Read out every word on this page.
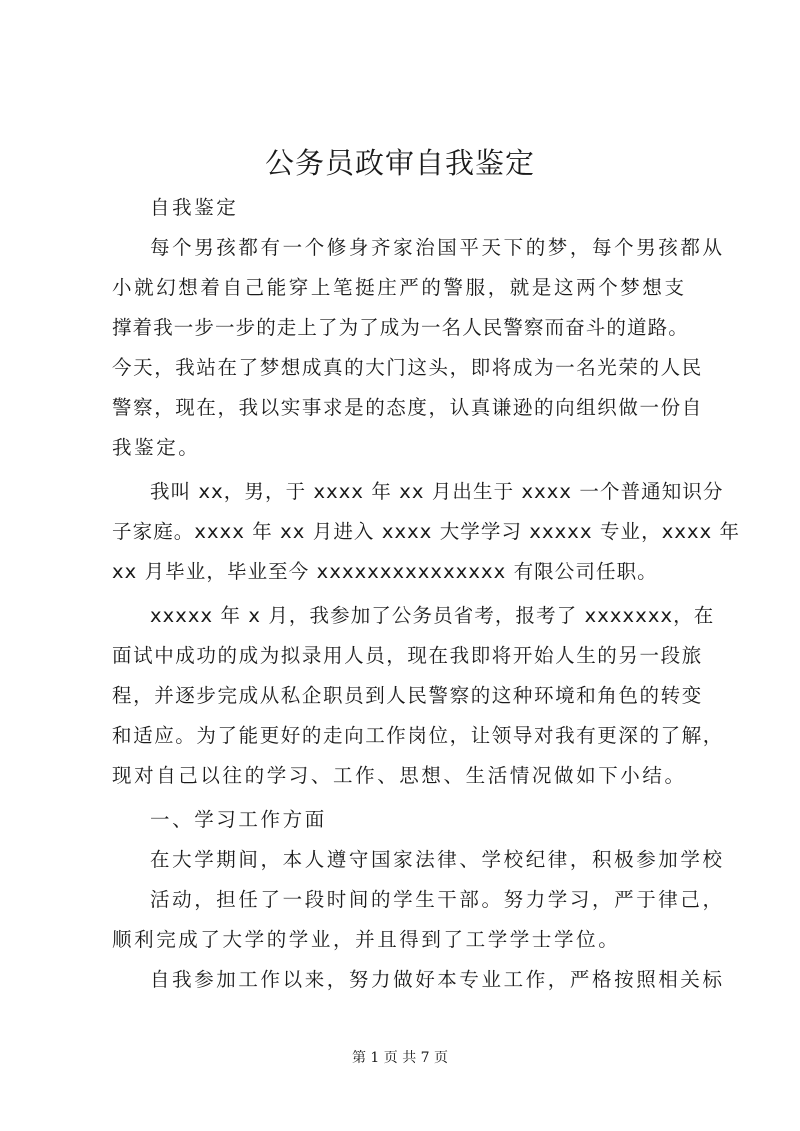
公务员政审自我鉴定
自我鉴定
每个男孩都有一个修身齐家治国平天下的梦，每个男孩都从
小就幻想着自己能穿上笔挺庄严的警服，就是这两个梦想支
撑着我一步一步的走上了为了成为一名人民警察而奋斗的道路。
今天，我站在了梦想成真的大门这头，即将成为一名光荣的人民
警察，现在，我以实事求是的态度，认真谦逊的向组织做一份自
我鉴定。
我叫 xx，男，于 xxxx 年 xx 月出生于 xxxx 一个普通知识分
子家庭。xxxx 年 xx 月进入 xxxx 大学学习 xxxxx 专业，xxxx 年
xx 月毕业，毕业至今 xxxxxxxxxxxxxxx 有限公司任职。
xxxxx 年 x 月，我参加了公务员省考，报考了 xxxxxxx，在
面试中成功的成为拟录用人员，现在我即将开始人生的另一段旅
程，并逐步完成从私企职员到人民警察的这种环境和角色的转变
和适应。为了能更好的走向工作岗位，让领导对我有更深的了解，
现对自己以往的学习、工作、思想、生活情况做如下小结。
一、学习工作方面
在大学期间，本人遵守国家法律、学校纪律，积极参加学校
活动，担任了一段时间的学生干部。努力学习，严于律己，
顺利完成了大学的学业，并且得到了工学学士学位。
自我参加工作以来，努力做好本专业工作，严格按照相关标
第 1 页 共 7 页
